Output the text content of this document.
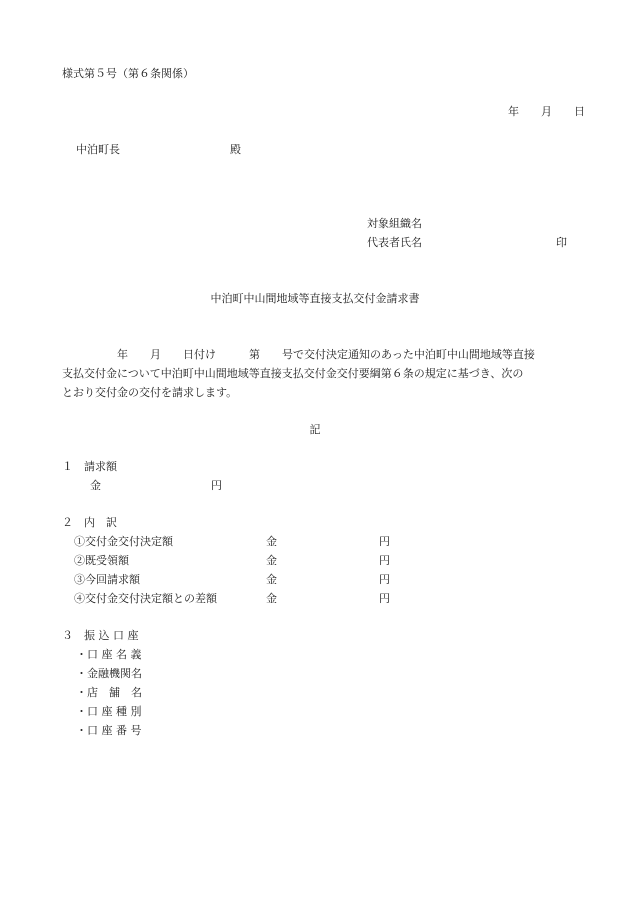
様式第５号（第６条関係）
年　　月　　日
中泊町長　　　　　　　　　　殿
対象組織名
代表者氏名	印
中泊町中山間地域等直接支払交付金請求書
　　　　　年　　月　　日付け　　　第　　号で交付決定通知のあった中泊町中山間地域等直接
支払交付金について中泊町中山間地域等直接支払交付金交付要綱第６条の規定に基づき、次の
とおり交付金の交付を請求します。
記
１　請求額
金　　　　　　　　　　円
２　内　訳
①交付金交付決定額	金	円
②既受領額	金	円
③今回請求額	金	円
④交付金交付決定額との差額	金	円
３　振 込 口 座
・口 座 名 義
・金融機関名
・店　舗　名
・口 座 種 別
・口 座 番 号
